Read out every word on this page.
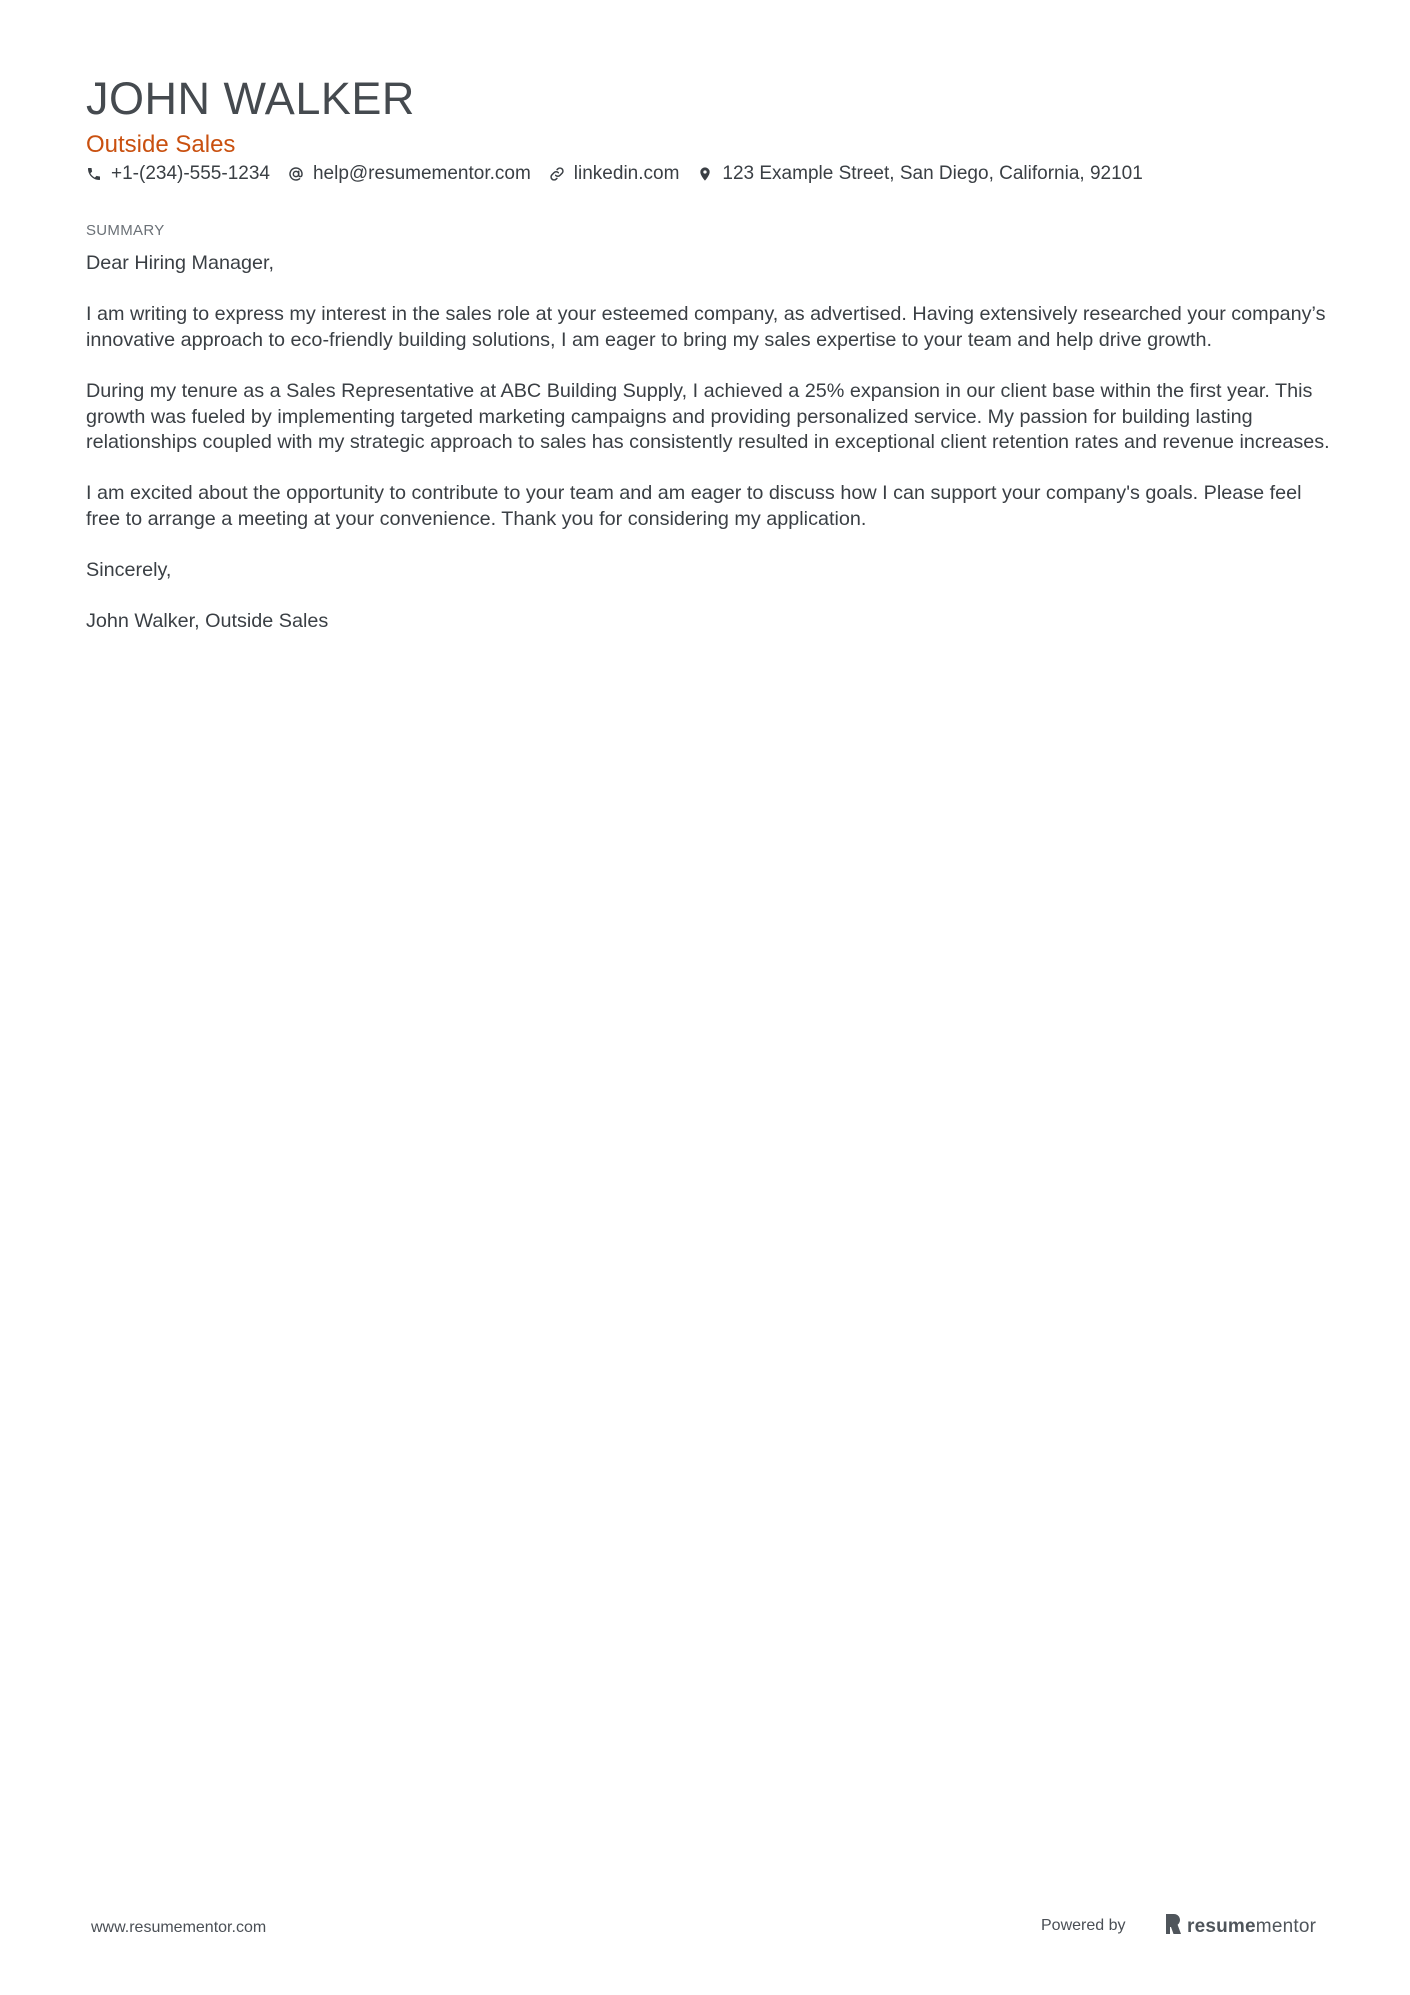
JOHN WALKER
Outside Sales
+1-(234)-555-1234 help@resumementor.com linkedin.com 123 Example Street, San Diego, California, 92101
SUMMARY

Dear Hiring Manager,

I am writing to express my interest in the sales role at your esteemed company, as advertised. Having extensively researched your company’s innovative approach to eco-friendly building solutions, I am eager to bring my sales expertise to your team and help drive growth.

During my tenure as a Sales Representative at ABC Building Supply, I achieved a 25% expansion in our client base within the first year. This growth was fueled by implementing targeted marketing campaigns and providing personalized service. My passion for building lasting relationships coupled with my strategic approach to sales has consistently resulted in exceptional client retention rates and revenue increases.

I am excited about the opportunity to contribute to your team and am eager to discuss how I can support your company's goals. Please feel free to arrange a meeting at your convenience. Thank you for considering my application.

Sincerely,

John Walker, Outside Sales

www.resumementor.com	Powered by	resumementor
